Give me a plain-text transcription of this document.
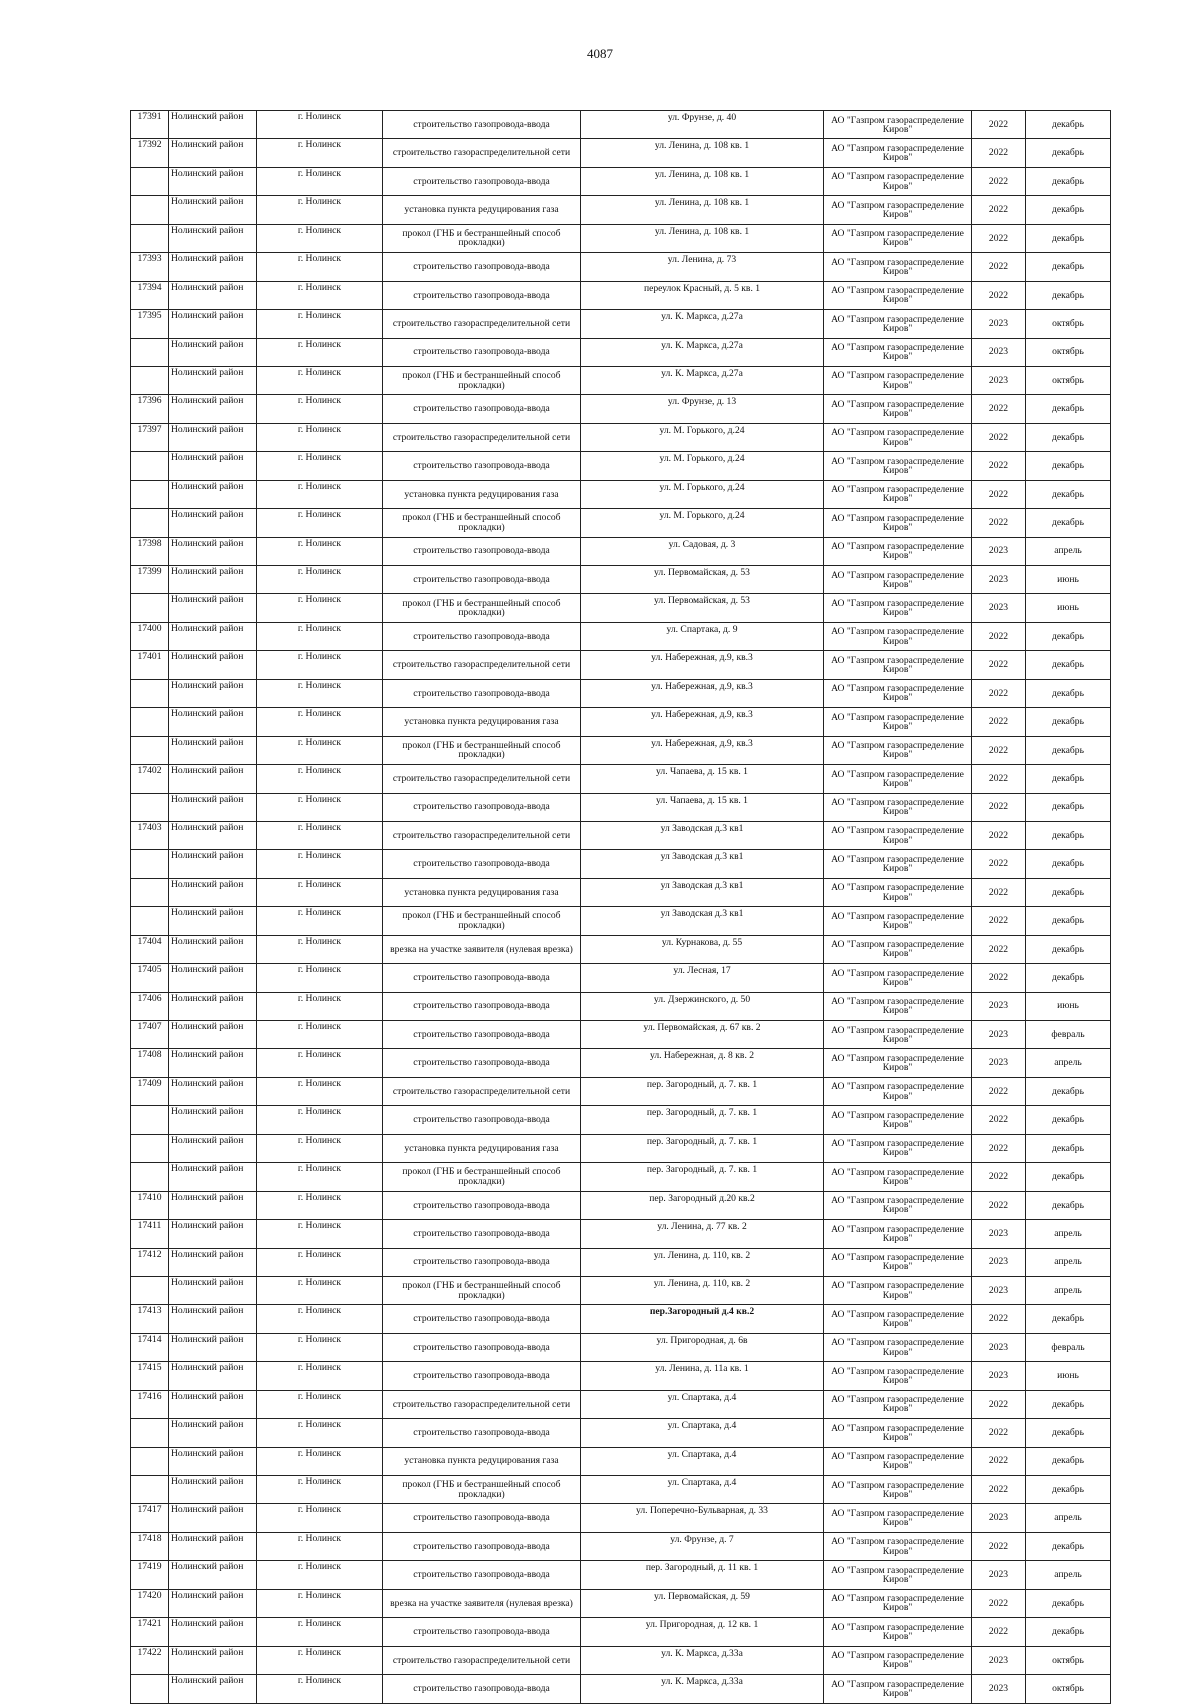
4087
17391	Нолинский район	г. Нолинск	строительство газопровода-ввода	ул. Фрунзе, д. 40	АО "Газпром газораспределение Киров"	2022	декабрь
17392	Нолинский район	г. Нолинск	строительство газораспределительной сети	ул. Ленина, д. 108 кв. 1	АО "Газпром газораспределение Киров"	2022	декабрь
	Нолинский район	г. Нолинск	строительство газопровода-ввода	ул. Ленина, д. 108 кв. 1	АО "Газпром газораспределение Киров"	2022	декабрь
	Нолинский район	г. Нолинск	установка пункта редуцирования газа	ул. Ленина, д. 108 кв. 1	АО "Газпром газораспределение Киров"	2022	декабрь
	Нолинский район	г. Нолинск	прокол (ГНБ и бестраншейный способ прокладки)	ул. Ленина, д. 108 кв. 1	АО "Газпром газораспределение Киров"	2022	декабрь
17393	Нолинский район	г. Нолинск	строительство газопровода-ввода	ул. Ленина, д. 73	АО "Газпром газораспределение Киров"	2022	декабрь
17394	Нолинский район	г. Нолинск	строительство газопровода-ввода	переулок Красный, д. 5 кв. 1	АО "Газпром газораспределение Киров"	2022	декабрь
17395	Нолинский район	г. Нолинск	строительство газораспределительной сети	ул. К. Маркса, д.27а	АО "Газпром газораспределение Киров"	2023	октябрь
	Нолинский район	г. Нолинск	строительство газопровода-ввода	ул. К. Маркса, д.27а	АО "Газпром газораспределение Киров"	2023	октябрь
	Нолинский район	г. Нолинск	прокол (ГНБ и бестраншейный способ прокладки)	ул. К. Маркса, д.27а	АО "Газпром газораспределение Киров"	2023	октябрь
17396	Нолинский район	г. Нолинск	строительство газопровода-ввода	ул. Фрунзе, д. 13	АО "Газпром газораспределение Киров"	2022	декабрь
17397	Нолинский район	г. Нолинск	строительство газораспределительной сети	ул. М. Горького, д.24	АО "Газпром газораспределение Киров"	2022	декабрь
	Нолинский район	г. Нолинск	строительство газопровода-ввода	ул. М. Горького, д.24	АО "Газпром газораспределение Киров"	2022	декабрь
	Нолинский район	г. Нолинск	установка пункта редуцирования газа	ул. М. Горького, д.24	АО "Газпром газораспределение Киров"	2022	декабрь
	Нолинский район	г. Нолинск	прокол (ГНБ и бестраншейный способ прокладки)	ул. М. Горького, д.24	АО "Газпром газораспределение Киров"	2022	декабрь
17398	Нолинский район	г. Нолинск	строительство газопровода-ввода	ул. Садовая, д. 3	АО "Газпром газораспределение Киров"	2023	апрель
17399	Нолинский район	г. Нолинск	строительство газопровода-ввода	ул. Первомайская, д. 53	АО "Газпром газораспределение Киров"	2023	июнь
	Нолинский район	г. Нолинск	прокол (ГНБ и бестраншейный способ прокладки)	ул. Первомайская, д. 53	АО "Газпром газораспределение Киров"	2023	июнь
17400	Нолинский район	г. Нолинск	строительство газопровода-ввода	ул. Спартака, д. 9	АО "Газпром газораспределение Киров"	2022	декабрь
17401	Нолинский район	г. Нолинск	строительство газораспределительной сети	ул. Набережная, д.9, кв.3	АО "Газпром газораспределение Киров"	2022	декабрь
	Нолинский район	г. Нолинск	строительство газопровода-ввода	ул. Набережная, д.9, кв.3	АО "Газпром газораспределение Киров"	2022	декабрь
	Нолинский район	г. Нолинск	установка пункта редуцирования газа	ул. Набережная, д.9, кв.3	АО "Газпром газораспределение Киров"	2022	декабрь
	Нолинский район	г. Нолинск	прокол (ГНБ и бестраншейный способ прокладки)	ул. Набережная, д.9, кв.3	АО "Газпром газораспределение Киров"	2022	декабрь
17402	Нолинский район	г. Нолинск	строительство газораспределительной сети	ул. Чапаева, д. 15 кв. 1	АО "Газпром газораспределение Киров"	2022	декабрь
	Нолинский район	г. Нолинск	строительство газопровода-ввода	ул. Чапаева, д. 15 кв. 1	АО "Газпром газораспределение Киров"	2022	декабрь
17403	Нолинский район	г. Нолинск	строительство газораспределительной сети	ул Заводская д.3 кв1	АО "Газпром газораспределение Киров"	2022	декабрь
	Нолинский район	г. Нолинск	строительство газопровода-ввода	ул Заводская д.3 кв1	АО "Газпром газораспределение Киров"	2022	декабрь
	Нолинский район	г. Нолинск	установка пункта редуцирования газа	ул Заводская д.3 кв1	АО "Газпром газораспределение Киров"	2022	декабрь
	Нолинский район	г. Нолинск	прокол (ГНБ и бестраншейный способ прокладки)	ул Заводская д.3 кв1	АО "Газпром газораспределение Киров"	2022	декабрь
17404	Нолинский район	г. Нолинск	врезка на участке заявителя (нулевая врезка)	ул. Курнакова, д. 55	АО "Газпром газораспределение Киров"	2022	декабрь
17405	Нолинский район	г. Нолинск	строительство газопровода-ввода	ул. Лесная, 17	АО "Газпром газораспределение Киров"	2022	декабрь
17406	Нолинский район	г. Нолинск	строительство газопровода-ввода	ул. Дзержинского, д. 50	АО "Газпром газораспределение Киров"	2023	июнь
17407	Нолинский район	г. Нолинск	строительство газопровода-ввода	ул. Первомайская, д. 67 кв. 2	АО "Газпром газораспределение Киров"	2023	февраль
17408	Нолинский район	г. Нолинск	строительство газопровода-ввода	ул. Набережная, д. 8 кв. 2	АО "Газпром газораспределение Киров"	2023	апрель
17409	Нолинский район	г. Нолинск	строительство газораспределительной сети	пер. Загородный, д. 7. кв. 1	АО "Газпром газораспределение Киров"	2022	декабрь
	Нолинский район	г. Нолинск	строительство газопровода-ввода	пер. Загородный, д. 7. кв. 1	АО "Газпром газораспределение Киров"	2022	декабрь
	Нолинский район	г. Нолинск	установка пункта редуцирования газа	пер. Загородный, д. 7. кв. 1	АО "Газпром газораспределение Киров"	2022	декабрь
	Нолинский район	г. Нолинск	прокол (ГНБ и бестраншейный способ прокладки)	пер. Загородный, д. 7. кв. 1	АО "Газпром газораспределение Киров"	2022	декабрь
17410	Нолинский район	г. Нолинск	строительство газопровода-ввода	пер. Загородный д.20 кв.2	АО "Газпром газораспределение Киров"	2022	декабрь
17411	Нолинский район	г. Нолинск	строительство газопровода-ввода	ул. Ленина, д. 77 кв. 2	АО "Газпром газораспределение Киров"	2023	апрель
17412	Нолинский район	г. Нолинск	строительство газопровода-ввода	ул. Ленина, д. 110, кв. 2	АО "Газпром газораспределение Киров"	2023	апрель
	Нолинский район	г. Нолинск	прокол (ГНБ и бестраншейный способ прокладки)	ул. Ленина, д. 110, кв. 2	АО "Газпром газораспределение Киров"	2023	апрель
17413	Нолинский район	г. Нолинск	строительство газопровода-ввода	пер.Загородный д.4 кв.2	АО "Газпром газораспределение Киров"	2022	декабрь
17414	Нолинский район	г. Нолинск	строительство газопровода-ввода	ул. Пригородная, д. 6в	АО "Газпром газораспределение Киров"	2023	февраль
17415	Нолинский район	г. Нолинск	строительство газопровода-ввода	ул. Ленина, д. 11а кв. 1	АО "Газпром газораспределение Киров"	2023	июнь
17416	Нолинский район	г. Нолинск	строительство газораспределительной сети	ул. Спартака, д.4	АО "Газпром газораспределение Киров"	2022	декабрь
	Нолинский район	г. Нолинск	строительство газопровода-ввода	ул. Спартака, д.4	АО "Газпром газораспределение Киров"	2022	декабрь
	Нолинский район	г. Нолинск	установка пункта редуцирования газа	ул. Спартака, д.4	АО "Газпром газораспределение Киров"	2022	декабрь
	Нолинский район	г. Нолинск	прокол (ГНБ и бестраншейный способ прокладки)	ул. Спартака, д.4	АО "Газпром газораспределение Киров"	2022	декабрь
17417	Нолинский район	г. Нолинск	строительство газопровода-ввода	ул. Поперечно-Бульварная, д. 33	АО "Газпром газораспределение Киров"	2023	апрель
17418	Нолинский район	г. Нолинск	строительство газопровода-ввода	ул. Фрунзе, д. 7	АО "Газпром газораспределение Киров"	2022	декабрь
17419	Нолинский район	г. Нолинск	строительство газопровода-ввода	пер. Загородный, д. 11 кв. 1	АО "Газпром газораспределение Киров"	2023	апрель
17420	Нолинский район	г. Нолинск	врезка на участке заявителя (нулевая врезка)	ул. Первомайская, д. 59	АО "Газпром газораспределение Киров"	2022	декабрь
17421	Нолинский район	г. Нолинск	строительство газопровода-ввода	ул. Пригородная, д. 12 кв. 1	АО "Газпром газораспределение Киров"	2022	декабрь
17422	Нолинский район	г. Нолинск	строительство газораспределительной сети	ул. К. Маркса, д.33а	АО "Газпром газораспределение Киров"	2023	октябрь
	Нолинский район	г. Нолинск	строительство газопровода-ввода	ул. К. Маркса, д.33а	АО "Газпром газораспределение Киров"	2023	октябрь
